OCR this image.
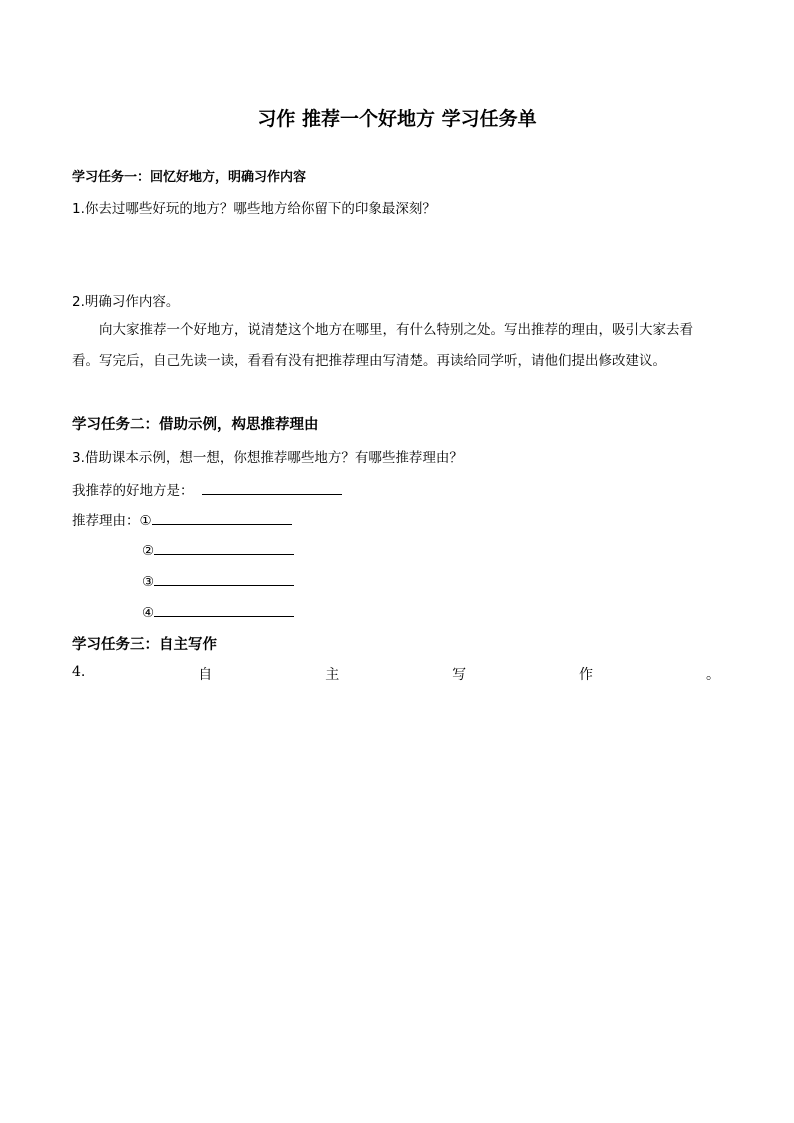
习作 推荐一个好地方 学习任务单
学习任务一：回忆好地方，明确习作内容
1.你去过哪些好玩的地方？哪些地方给你留下的印象最深刻？
2.明确习作内容。
向大家推荐一个好地方，说清楚这个地方在哪里，有什么特别之处。写出推荐的理由，吸引大家去看
看。写完后，自己先读一读，看看有没有把推荐理由写清楚。再读给同学听，请他们提出修改建议。
学习任务二：借助示例，构思推荐理由
3.借助课本示例，想一想，你想推荐哪些地方？有哪些推荐理由？
我推荐的好地方是：
推荐理由：①
②
③
④
学习任务三：自主写作
4.	自	主	写	作	。
